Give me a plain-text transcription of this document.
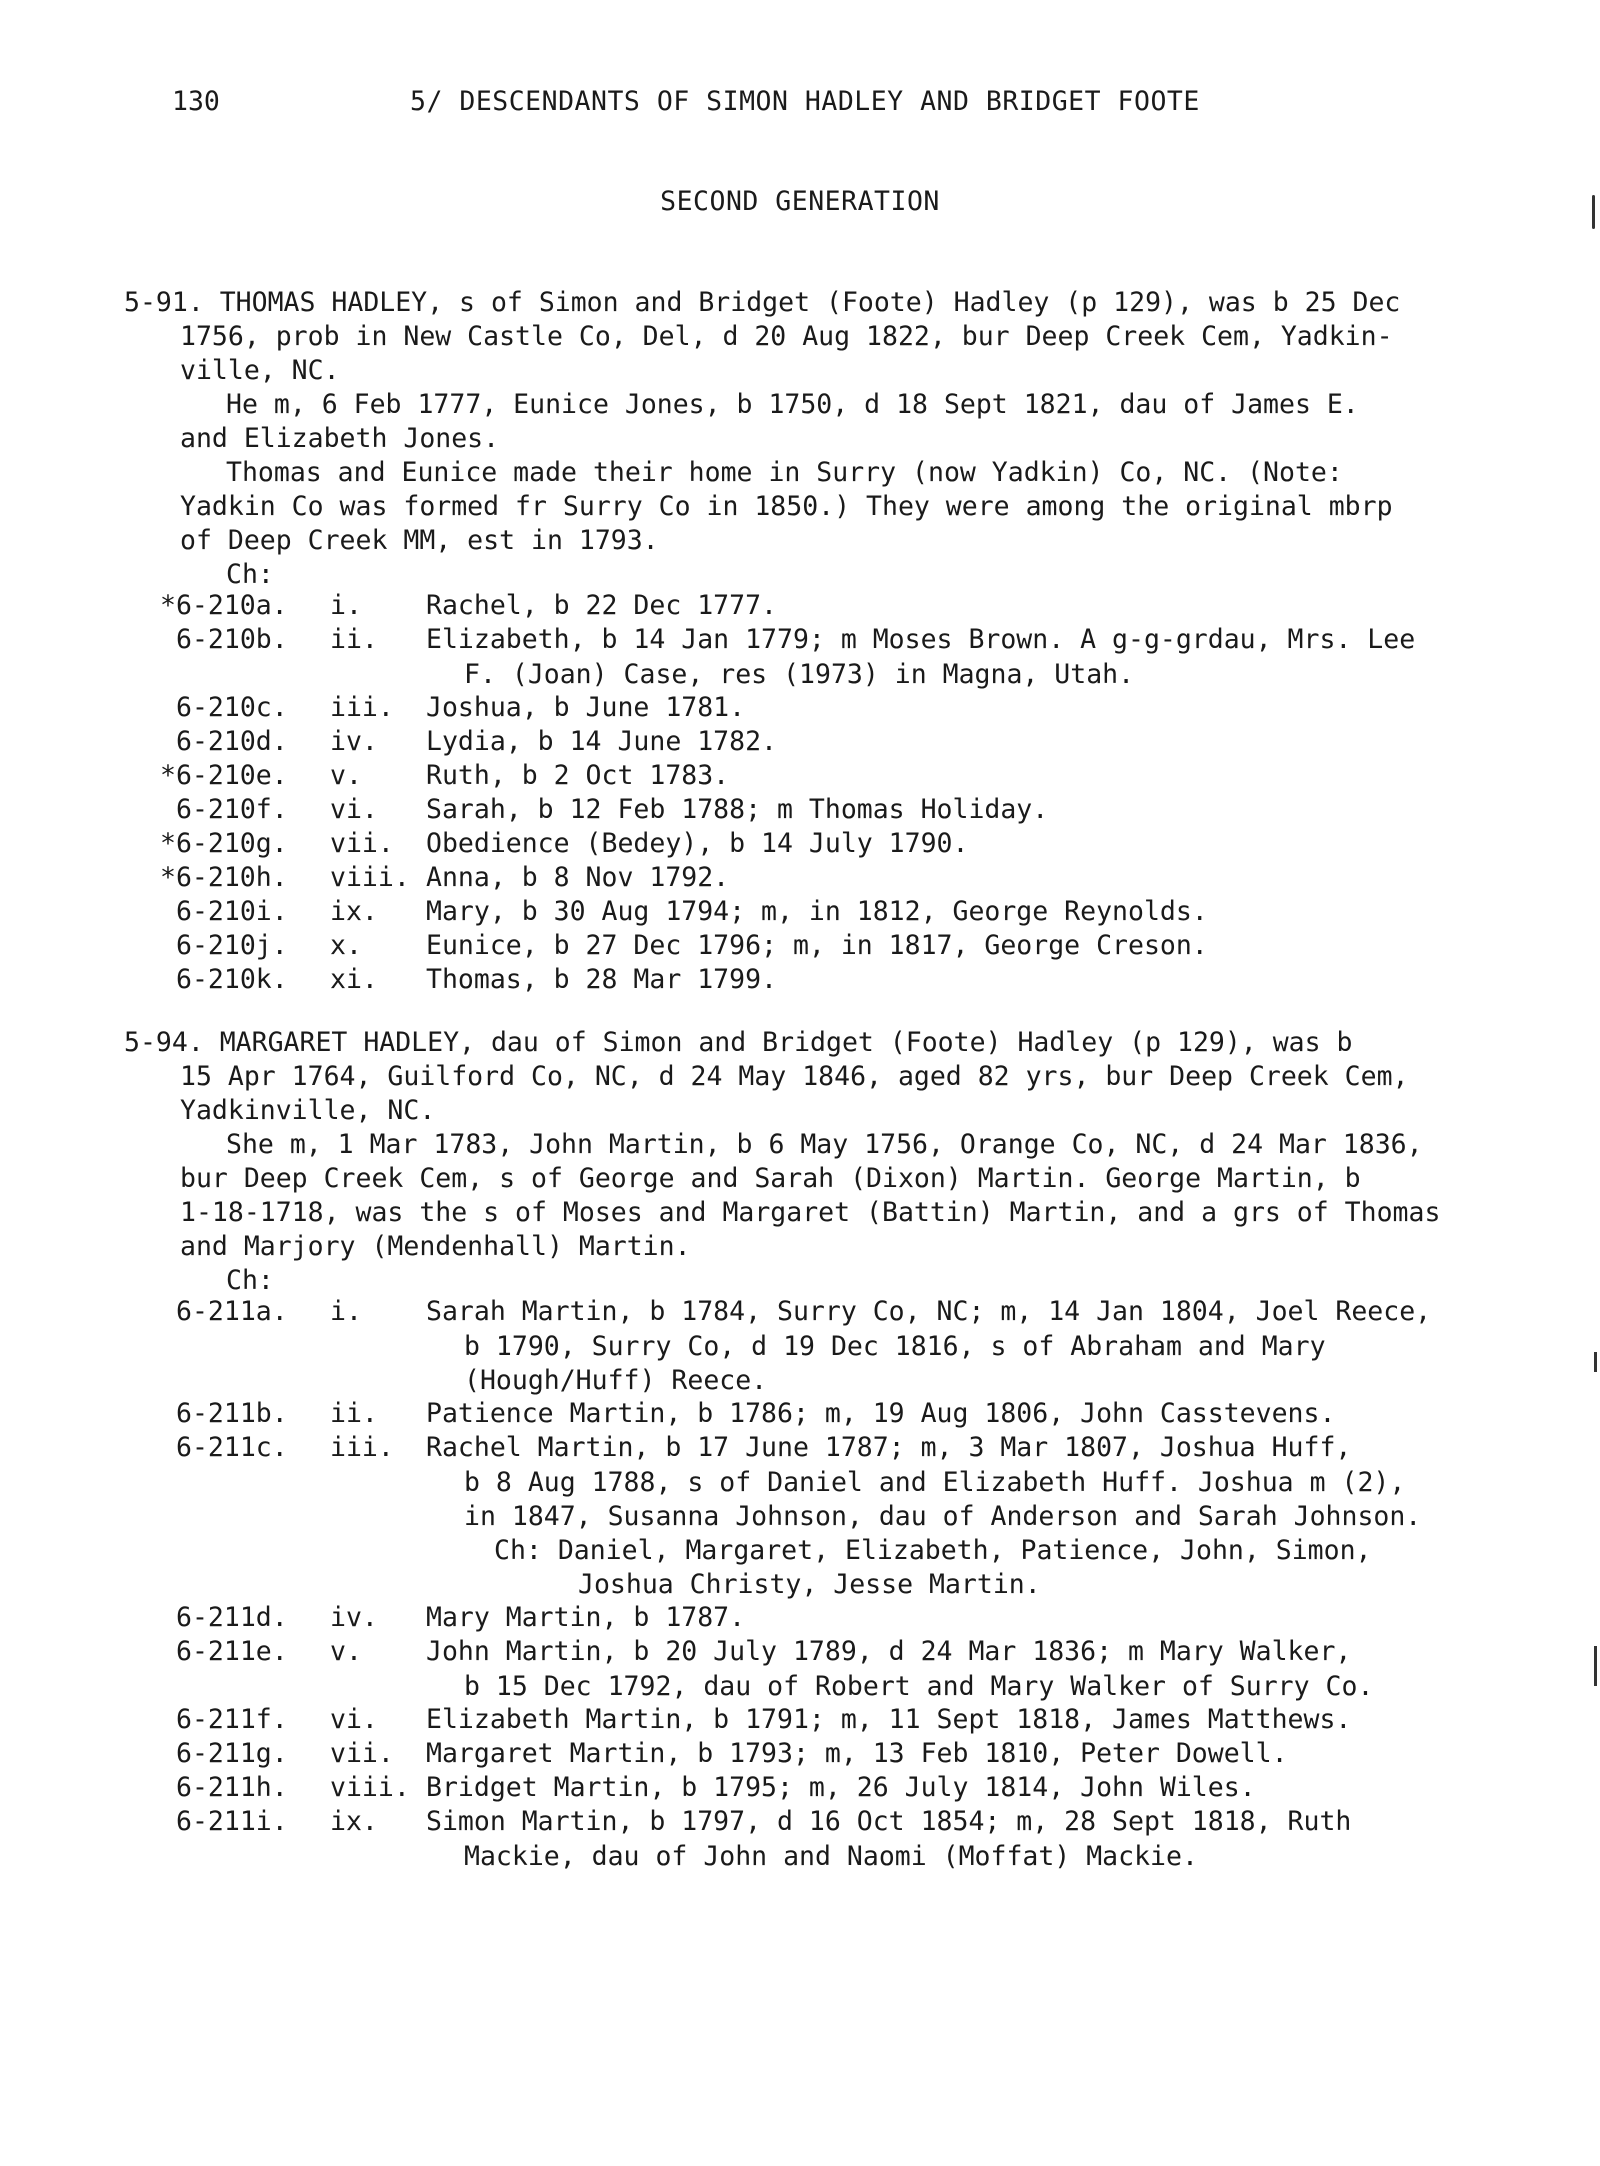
130	5/ DESCENDANTS OF SIMON HADLEY AND BRIDGET FOOTE
SECOND GENERATION
5-91. THOMAS HADLEY, s of Simon and Bridget (Foote) Hadley (p 129), was b 25 Dec
1756, prob in New Castle Co, Del, d 20 Aug 1822, bur Deep Creek Cem, Yadkin-
ville, NC.
He m, 6 Feb 1777, Eunice Jones, b 1750, d 18 Sept 1821, dau of James E.
and Elizabeth Jones.
Thomas and Eunice made their home in Surry (now Yadkin) Co, NC. (Note:
Yadkin Co was formed fr Surry Co in 1850.) They were among the original mbrp
of Deep Creek MM, est in 1793.
Ch:
*6-210a. i. Rachel, b 22 Dec 1777.
6-210b. ii. Elizabeth, b 14 Jan 1779; m Moses Brown. A g-g-grdau, Mrs. Lee
F. (Joan) Case, res (1973) in Magna, Utah.
6-210c. iii. Joshua, b June 1781.
6-210d. iv. Lydia, b 14 June 1782.
*6-210e. v. Ruth, b 2 Oct 1783.
6-210f. vi. Sarah, b 12 Feb 1788; m Thomas Holiday.
*6-210g. vii. Obedience (Bedey), b 14 July 1790.
*6-210h. viii. Anna, b 8 Nov 1792.
6-210i. ix. Mary, b 30 Aug 1794; m, in 1812, George Reynolds.
6-210j. x. Eunice, b 27 Dec 1796; m, in 1817, George Creson.
6-210k. xi. Thomas, b 28 Mar 1799.
5-94. MARGARET HADLEY, dau of Simon and Bridget (Foote) Hadley (p 129), was b
15 Apr 1764, Guilford Co, NC, d 24 May 1846, aged 82 yrs, bur Deep Creek Cem,
Yadkinville, NC.
She m, 1 Mar 1783, John Martin, b 6 May 1756, Orange Co, NC, d 24 Mar 1836,
bur Deep Creek Cem, s of George and Sarah (Dixon) Martin. George Martin, b
1-18-1718, was the s of Moses and Margaret (Battin) Martin, and a grs of Thomas
and Marjory (Mendenhall) Martin.
Ch:
6-211a. i. Sarah Martin, b 1784, Surry Co, NC; m, 14 Jan 1804, Joel Reece,
b 1790, Surry Co, d 19 Dec 1816, s of Abraham and Mary
(Hough/Huff) Reece.
6-211b. ii. Patience Martin, b 1786; m, 19 Aug 1806, John Casstevens.
6-211c. iii. Rachel Martin, b 17 June 1787; m, 3 Mar 1807, Joshua Huff,
b 8 Aug 1788, s of Daniel and Elizabeth Huff. Joshua m (2),
in 1847, Susanna Johnson, dau of Anderson and Sarah Johnson.
Ch: Daniel, Margaret, Elizabeth, Patience, John, Simon,
Joshua Christy, Jesse Martin.
6-211d. iv. Mary Martin, b 1787.
6-211e. v. John Martin, b 20 July 1789, d 24 Mar 1836; m Mary Walker,
b 15 Dec 1792, dau of Robert and Mary Walker of Surry Co.
6-211f. vi. Elizabeth Martin, b 1791; m, 11 Sept 1818, James Matthews.
6-211g. vii. Margaret Martin, b 1793; m, 13 Feb 1810, Peter Dowell.
6-211h. viii. Bridget Martin, b 1795; m, 26 July 1814, John Wiles.
6-211i. ix. Simon Martin, b 1797, d 16 Oct 1854; m, 28 Sept 1818, Ruth
Mackie, dau of John and Naomi (Moffat) Mackie.
